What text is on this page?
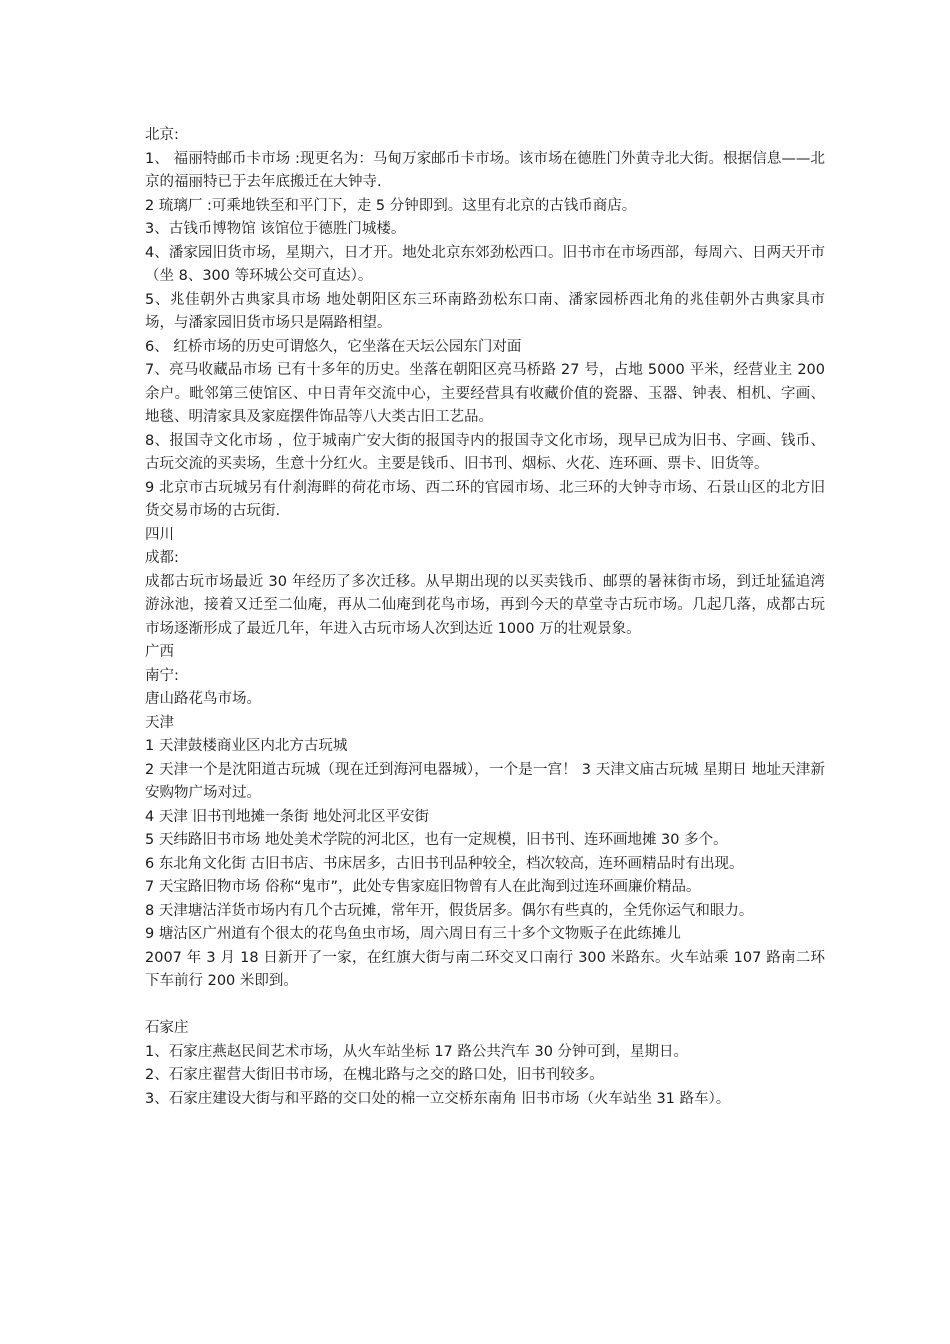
北京:

1、 福丽特邮币卡市场 :现更名为：马甸万家邮币卡市场。该市场在德胜门外黄寺北大街。根据信息——北京的福丽特已于去年底搬迁在大钟寺.

2 琉璃厂 :可乘地铁至和平门下，走 5 分钟即到。这里有北京的古钱币商店。

3、古钱币博物馆 该馆位于德胜门城楼。

4、潘家园旧货市场，星期六，日才开。地处北京东郊劲松西口。旧书市在市场西部，每周六、日两天开市（坐 8、300 等环城公交可直达）。

5、兆佳朝外古典家具市场 地处朝阳区东三环南路劲松东口南、潘家园桥西北角的兆佳朝外古典家具市场，与潘家园旧货市场只是隔路相望。

6、 红桥市场的历史可谓悠久，它坐落在天坛公园东门对面

7、亮马收藏品市场 已有十多年的历史。坐落在朝阳区亮马桥路 27 号，占地 5000 平米，经营业主 200 余户。毗邻第三使馆区、中日青年交流中心，主要经营具有收藏价值的瓷器、玉器、钟表、相机、字画、地毯、明清家具及家庭摆件饰品等八大类古旧工艺品。

8、报国寺文化市场 ，位于城南广安大街的报国寺内的报国寺文化市场，现早已成为旧书、字画、钱币、古玩交流的买卖场，生意十分红火。主要是钱币、旧书刊、烟标、火花、连环画、票卡、旧货等。

9 北京市古玩城另有什刹海畔的荷花市场、西二环的官园市场、北三环的大钟寺市场、石景山区的北方旧货交易市场的古玩街.

四川

成都:

成都古玩市场最近 30 年经历了多次迁移。从早期出现的以买卖钱币、邮票的暑袜街市场，到迁址猛追湾游泳池，接着又迁至二仙庵，再从二仙庵到花鸟市场，再到今天的草堂寺古玩市场。几起几落，成都古玩市场逐渐形成了最近几年，年进入古玩市场人次到达近 1000 万的壮观景象。

广西

南宁:

唐山路花鸟市场。

天津

1 天津鼓楼商业区内北方古玩城

2 天津一个是沈阳道古玩城（现在迁到海河电器城），一个是一宫！ 3 天津文庙古玩城 星期日 地址天津新安购物广场对过。

4 天津 旧书刊地摊一条街 地处河北区平安街

5 天纬路旧书市场 地处美术学院的河北区，也有一定规模，旧书刊、连环画地摊 30 多个。

6 东北角文化街 古旧书店、书床居多，古旧书刊品种较全，档次较高，连环画精品时有出现。

7 天宝路旧物市场 俗称“鬼市”，此处专售家庭旧物曾有人在此淘到过连环画廉价精品。

8 天津塘沽洋货市场内有几个古玩摊，常年开，假货居多。偶尔有些真的，全凭你运气和眼力。

9 塘沽区广州道有个很太的花鸟鱼虫市场，周六周日有三十多个文物贩子在此练摊儿

2007 年 3 月 18 日新开了一家，在红旗大街与南二环交叉口南行 300 米路东。火车站乘 107 路南二环下车前行 200 米即到。

石家庄

1、石家庄燕赵民间艺术市场，从火车站坐标 17 路公共汽车 30 分钟可到，星期日。

2、石家庄翟营大街旧书市场，在槐北路与之交的路口处，旧书刊较多。

3、石家庄建设大街与和平路的交口处的棉一立交桥东南角 旧书市场（火车站坐 31 路车）。
